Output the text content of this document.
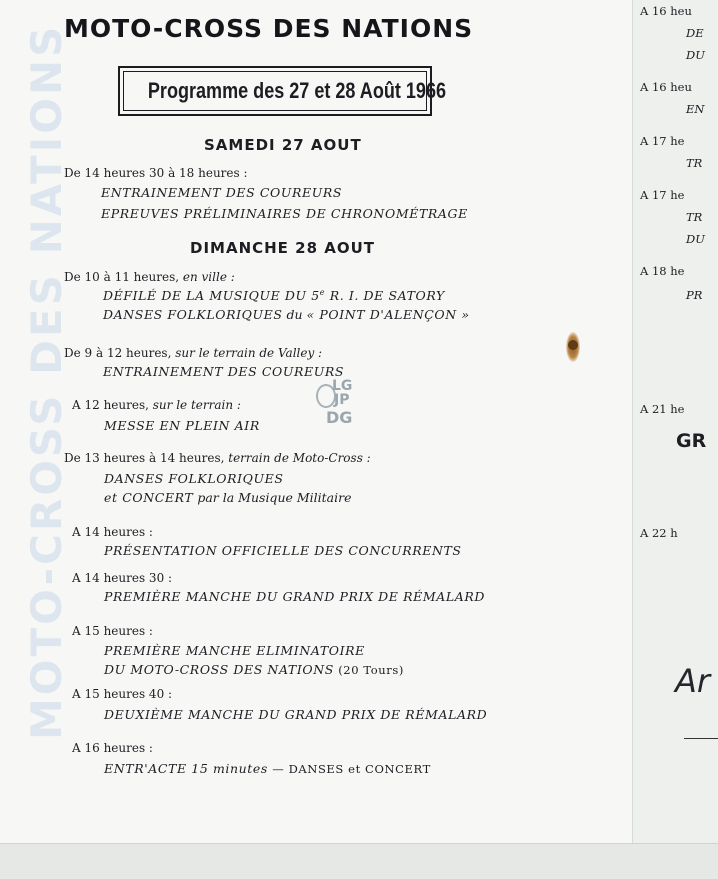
MOTO-CROSS DES NATIONS
MOTO-CROSS DES NATIONS
Programme des 27 et 28 Août 1966
SAMEDI 27 AOUT
De 14 heures 30 à 18 heures :
ENTRAINEMENT DES COUREURS
EPREUVES PRÉLIMINAIRES DE CHRONOMÉTRAGE
DIMANCHE 28 AOUT
De 10 à 11 heures, en ville :
DÉFILÉ DE LA MUSIQUE DU 5e R. I. DE SATORY
DANSES FOLKLORIQUES du « POINT D'ALENÇON »
De 9 à 12 heures, sur le terrain de Valley :
ENTRAINEMENT DES COUREURS
A 12 heures, sur le terrain :
MESSE EN PLEIN AIR
De 13 heures à 14 heures, terrain de Moto-Cross :
DANSES FOLKLORIQUES
et CONCERT par la Musique Militaire
A 14 heures :
PRÉSENTATION OFFICIELLE DES CONCURRENTS
A 14 heures 30 :
PREMIÈRE MANCHE DU GRAND PRIX DE RÉMALARD
A 15 heures :
PREMIÈRE MANCHE ELIMINATOIRE
DU MOTO-CROSS DES NATIONS (20 Tours)
A 15 heures 40 :
DEUXIÈME MANCHE DU GRAND PRIX DE RÉMALARD
A 16 heures :
ENTR'ACTE 15 minutes — DANSES et CONCERT
LG
JP
DG
A 16 heu
DE
DU
A 16 heu
EN
A 17 he
TR
A 17 he
TR
DU
A 18 he
PR
A 21 he
GR
A 22 h
Ar
